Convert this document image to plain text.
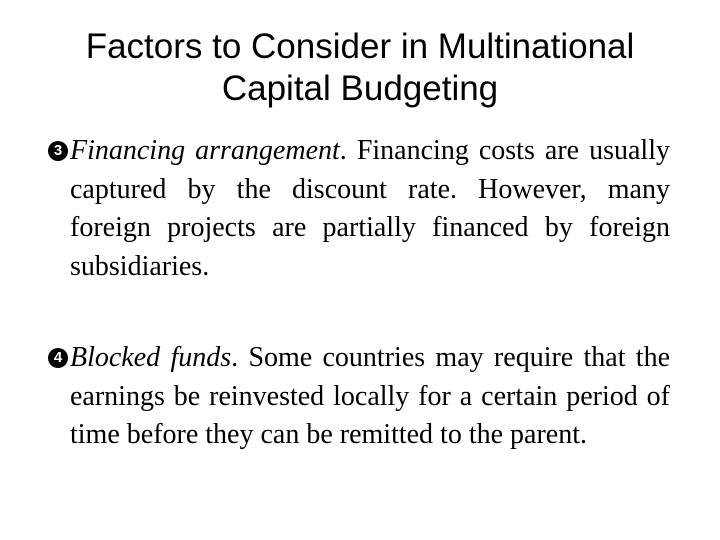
Factors to Consider in Multinational
Capital Budgeting
3 Financing arrangement. Financing costs are usually captured by the discount rate. However, many foreign projects are partially financed by foreign subsidiaries.
4 Blocked funds. Some countries may require that the earnings be reinvested locally for a certain period of time before they can be remitted to the parent.
